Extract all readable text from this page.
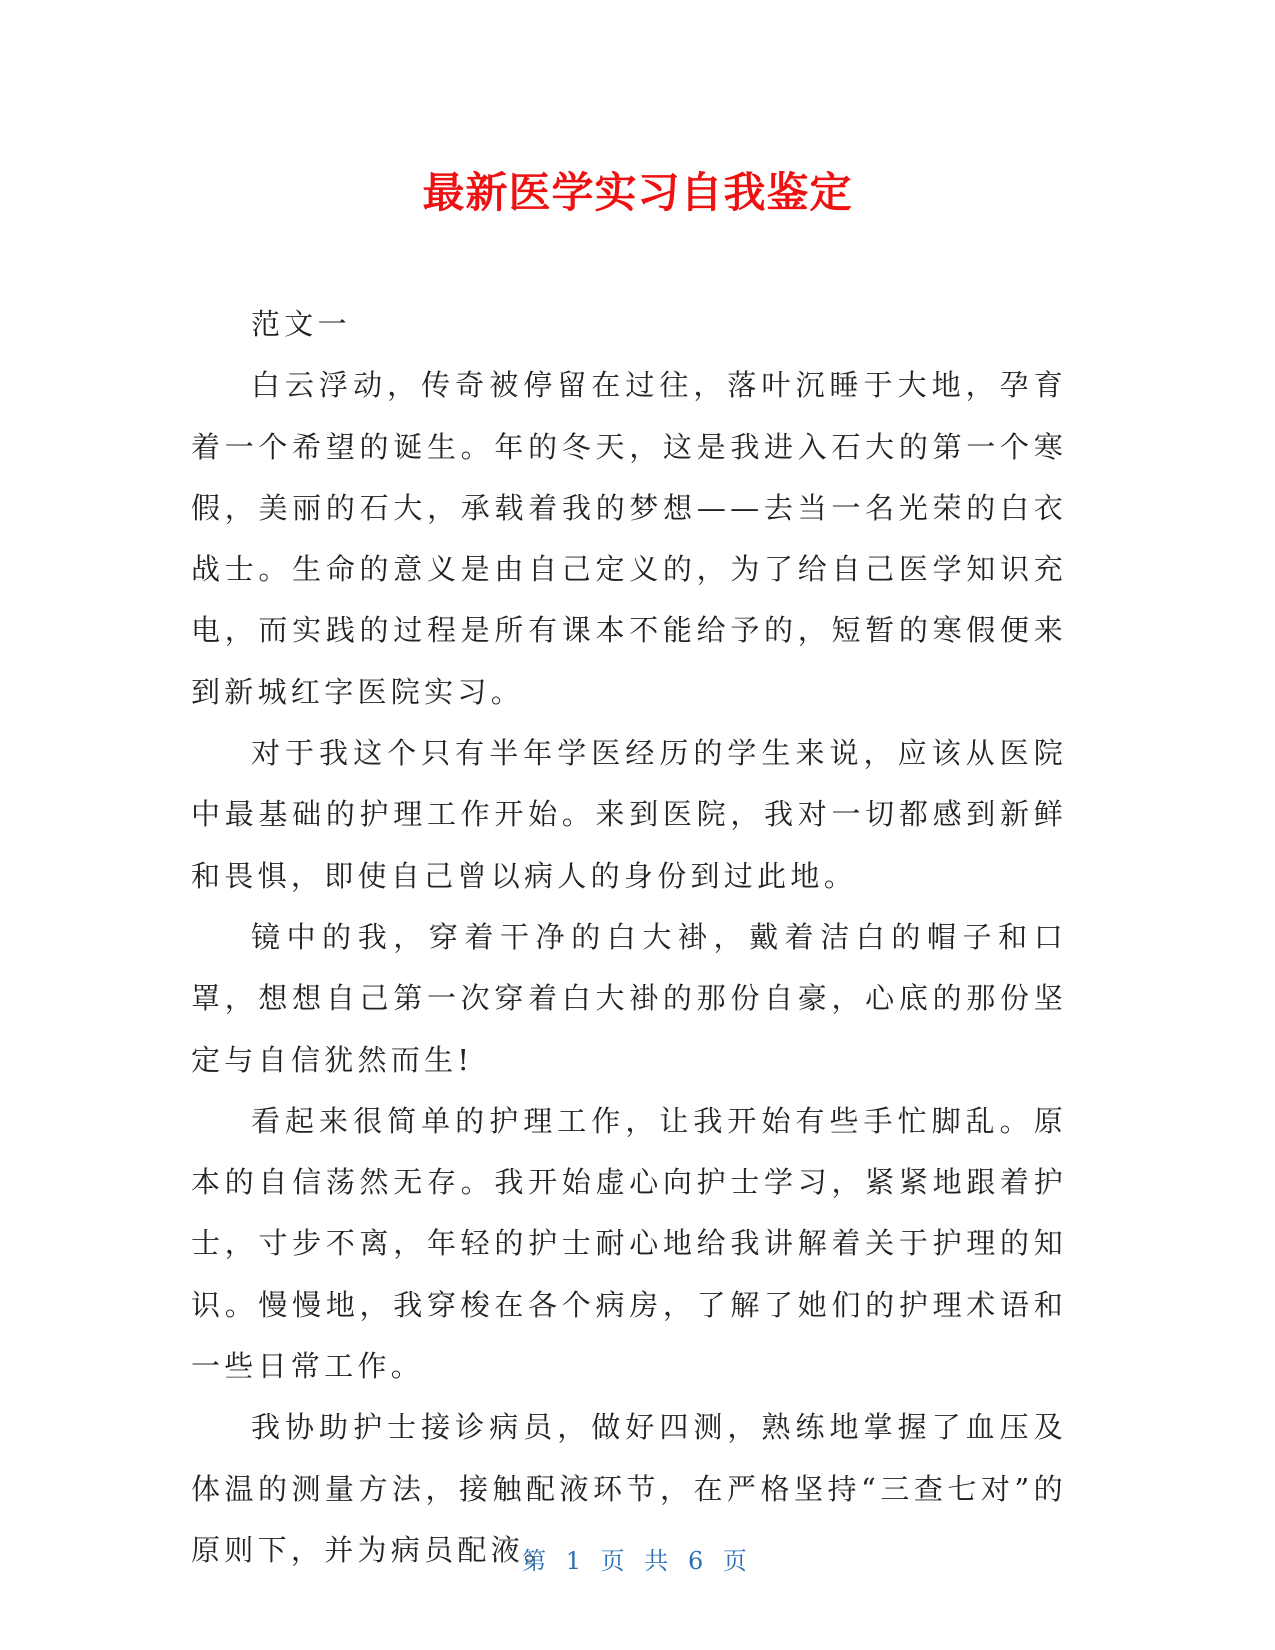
最新医学实习自我鉴定

范文一

白云浮动，传奇被停留在过往，落叶沉睡于大地，孕育着一个希望的诞生。年的冬天，这是我进入石大的第一个寒假，美丽的石大，承载着我的梦想——去当一名光荣的白衣战士。生命的意义是由自己定义的，为了给自己医学知识充电，而实践的过程是所有课本不能给予的，短暂的寒假便来到新城红字医院实习。

对于我这个只有半年学医经历的学生来说，应该从医院中最基础的护理工作开始。来到医院，我对一切都感到新鲜和畏惧，即使自己曾以病人的身份到过此地。

镜中的我，穿着干净的白大褂，戴着洁白的帽子和口罩，想想自己第一次穿着白大褂的那份自豪，心底的那份坚定与自信犹然而生!

看起来很简单的护理工作，让我开始有些手忙脚乱。原本的自信荡然无存。我开始虚心向护士学习，紧紧地跟着护士，寸步不离，年轻的护士耐心地给我讲解着关于护理的知识。慢慢地，我穿梭在各个病房，了解了她们的护理术语和一些日常工作。

我协助护士接诊病员，做好四测，熟练地掌握了血压及体温的测量方法，接触配液环节，在严格坚持“三查七对”的原则下，并为病员配液。

第 1 页 共 6 页
